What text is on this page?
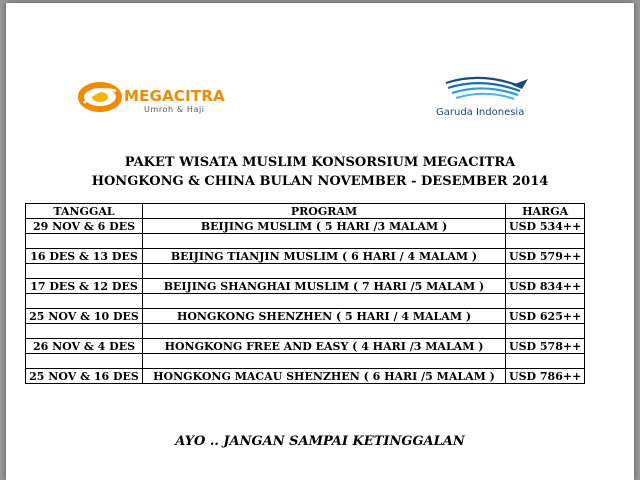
MEGACITRA
Umroh & Haji	Garuda Indonesia
PAKET WISATA MUSLIM KONSORSIUM MEGACITRA
HONGKONG & CHINA BULAN NOVEMBER - DESEMBER 2014
TANGGAL	PROGRAM	HARGA
29 NOV & 6 DES	BEIJING MUSLIM ( 5 HARI /3 MALAM )	USD 534++

16 DES & 13 DES	BEIJING TIANJIN MUSLIM ( 6 HARI / 4 MALAM )	USD 579++

17 DES & 12 DES	BEIJING SHANGHAI MUSLIM ( 7 HARI /5 MALAM )	USD 834++

25 NOV & 10 DES	HONGKONG SHENZHEN ( 5 HARI / 4 MALAM )	USD 625++

26 NOV & 4 DES	HONGKONG FREE AND EASY ( 4 HARI /3 MALAM )	USD 578++

25 NOV & 16 DES	HONGKONG MACAU SHENZHEN ( 6 HARI /5 MALAM )	USD 786++
AYO .. JANGAN SAMPAI KETINGGALAN
